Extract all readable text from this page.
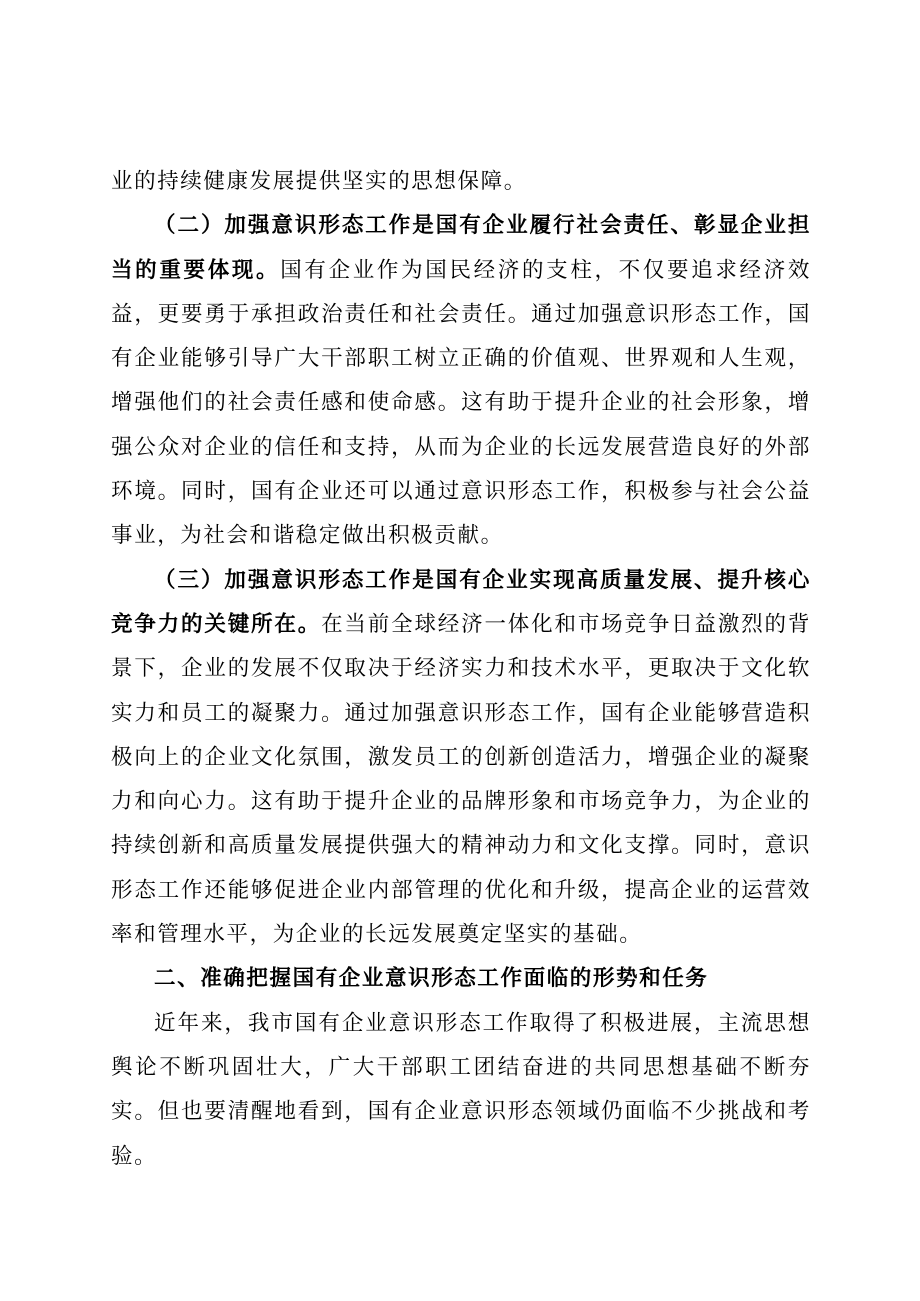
业的持续健康发展提供坚实的思想保障。

（二）加强意识形态工作是国有企业履行社会责任、彰显企业担当的重要体现。国有企业作为国民经济的支柱，不仅要追求经济效益，更要勇于承担政治责任和社会责任。通过加强意识形态工作，国有企业能够引导广大干部职工树立正确的价值观、世界观和人生观，增强他们的社会责任感和使命感。这有助于提升企业的社会形象，增强公众对企业的信任和支持，从而为企业的长远发展营造良好的外部环境。同时，国有企业还可以通过意识形态工作，积极参与社会公益事业，为社会和谐稳定做出积极贡献。

（三）加强意识形态工作是国有企业实现高质量发展、提升核心竞争力的关键所在。在当前全球经济一体化和市场竞争日益激烈的背景下，企业的发展不仅取决于经济实力和技术水平，更取决于文化软实力和员工的凝聚力。通过加强意识形态工作，国有企业能够营造积极向上的企业文化氛围，激发员工的创新创造活力，增强企业的凝聚力和向心力。这有助于提升企业的品牌形象和市场竞争力，为企业的持续创新和高质量发展提供强大的精神动力和文化支撑。同时，意识形态工作还能够促进企业内部管理的优化和升级，提高企业的运营效率和管理水平，为企业的长远发展奠定坚实的基础。

二、准确把握国有企业意识形态工作面临的形势和任务

近年来，我市国有企业意识形态工作取得了积极进展，主流思想舆论不断巩固壮大，广大干部职工团结奋进的共同思想基础不断夯实。但也要清醒地看到，国有企业意识形态领域仍面临不少挑战和考验。
